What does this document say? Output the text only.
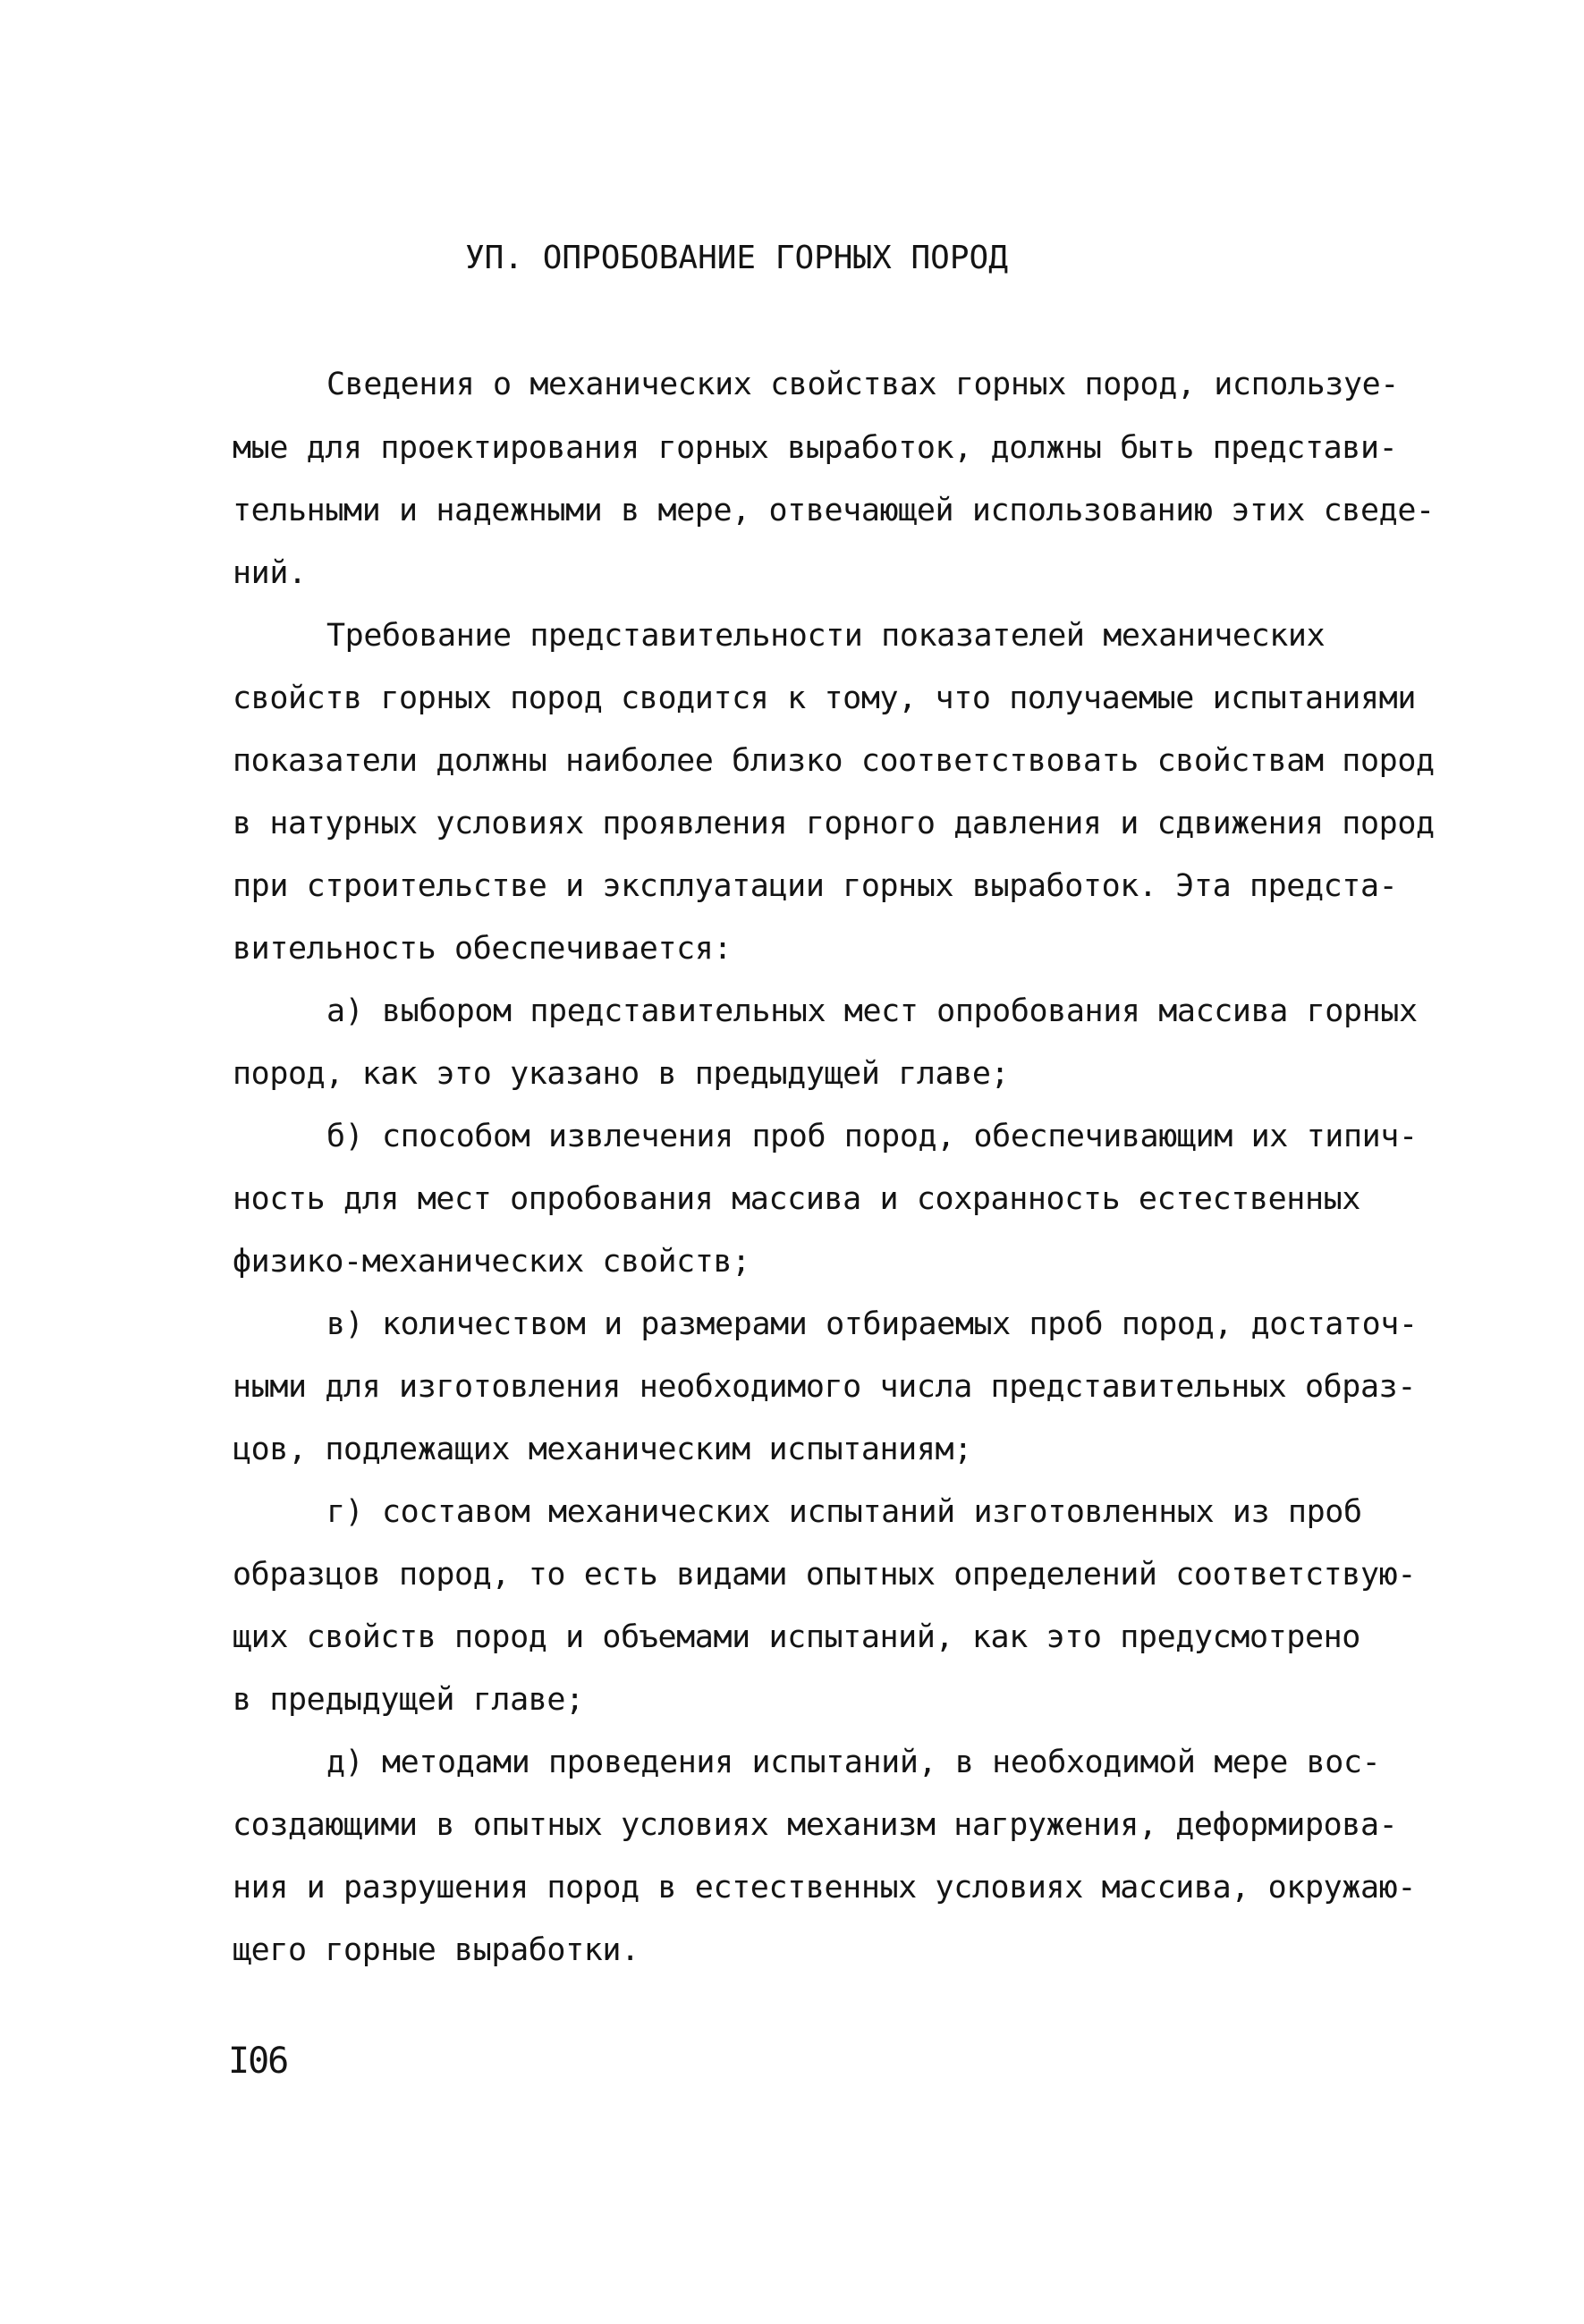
УП. ОПРОБОВАНИЕ ГОРНЫХ ПОРОД
Сведения о механических свойствах горных пород, используе-
мые для проектирования горных выработок, должны быть представи-
тельными и надежными в мере, отвечающей использованию этих сведе-
ний.
Требование представительности показателей механических
свойств горных пород сводится к тому, что получаемые испытаниями
показатели должны наиболее близко соответствовать свойствам пород
в натурных условиях проявления горного давления и сдвижения пород
при строительстве и эксплуатации горных выработок. Эта предста-
вительность обеспечивается:
а) выбором представительных мест опробования массива горных
пород, как это указано в предыдущей главе;
б) способом извлечения проб пород, обеспечивающим их типич-
ность для мест опробования массива и сохранность естественных
физико-механических свойств;
в) количеством и размерами отбираемых проб пород, достаточ-
ными для изготовления необходимого числа представительных образ-
цов, подлежащих механическим испытаниям;
г) составом механических испытаний изготовленных из проб
образцов пород, то есть видами опытных определений соответствую-
щих свойств пород и объемами испытаний, как это предусмотрено
в предыдущей главе;
д) методами проведения испытаний, в необходимой мере вос-
создающими в опытных условиях механизм нагружения, деформирова-
ния и разрушения пород в естественных условиях массива, окружаю-
щего горные выработки.
I06
